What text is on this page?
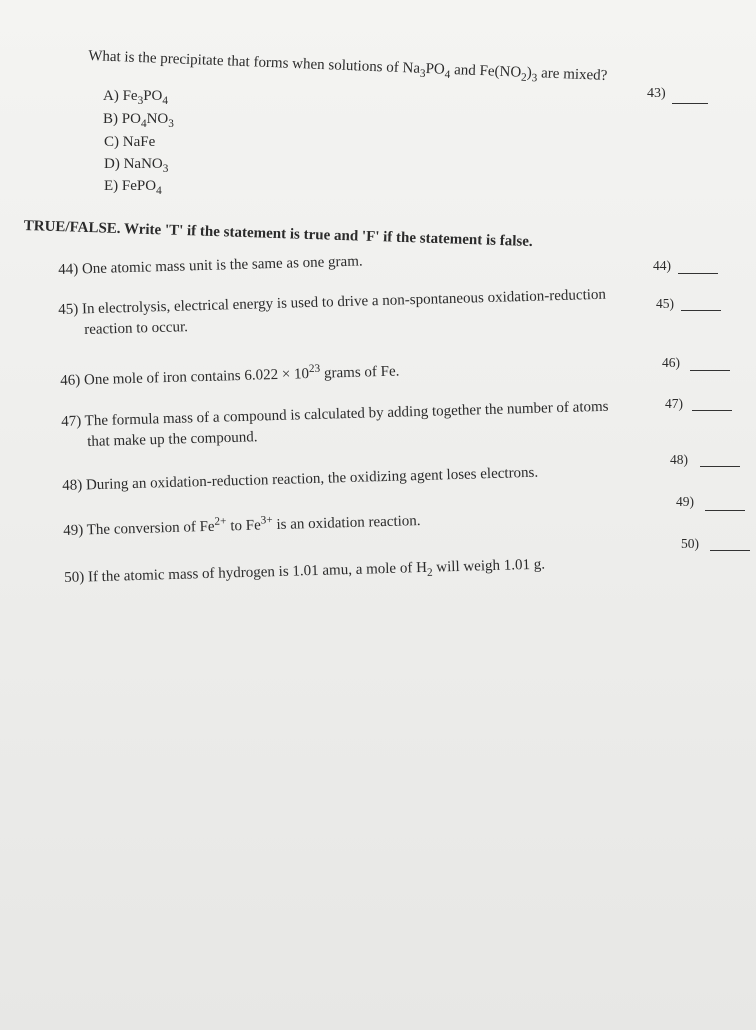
What is the precipitate that forms when solutions of $Na_3PO_4$ and $Fe(NO_2)_3$ are mixed?
43)
A) $Fe_3PO_4$
B) $PO_4NO_3$
C) NaFe
D) NaNO$_3$
E) FePO$_4$
TRUE/FALSE. Write 'T' if the statement is true and 'F' if the statement is false.
44) One atomic mass unit is the same as one gram.	44)
45) In electrolysis, electrical energy is used to drive a non-spontaneous oxidation-reduction
reaction to occur.
45)
46) One mole of iron contains $6.022 \times 10^{23}$ grams of Fe.
46)
47) The formula mass of a compound is calculated by adding together the number of atoms
that make up the compound.
47)
48) During an oxidation-reduction reaction, the oxidizing agent loses electrons.
48)
49) The conversion of $Fe^{2+}$ to $Fe^{3+}$ is an oxidation reaction.
49)
50) If the atomic mass of hydrogen is 1.01 amu, a mole of $H_2$ will weigh 1.01 g.
50)
